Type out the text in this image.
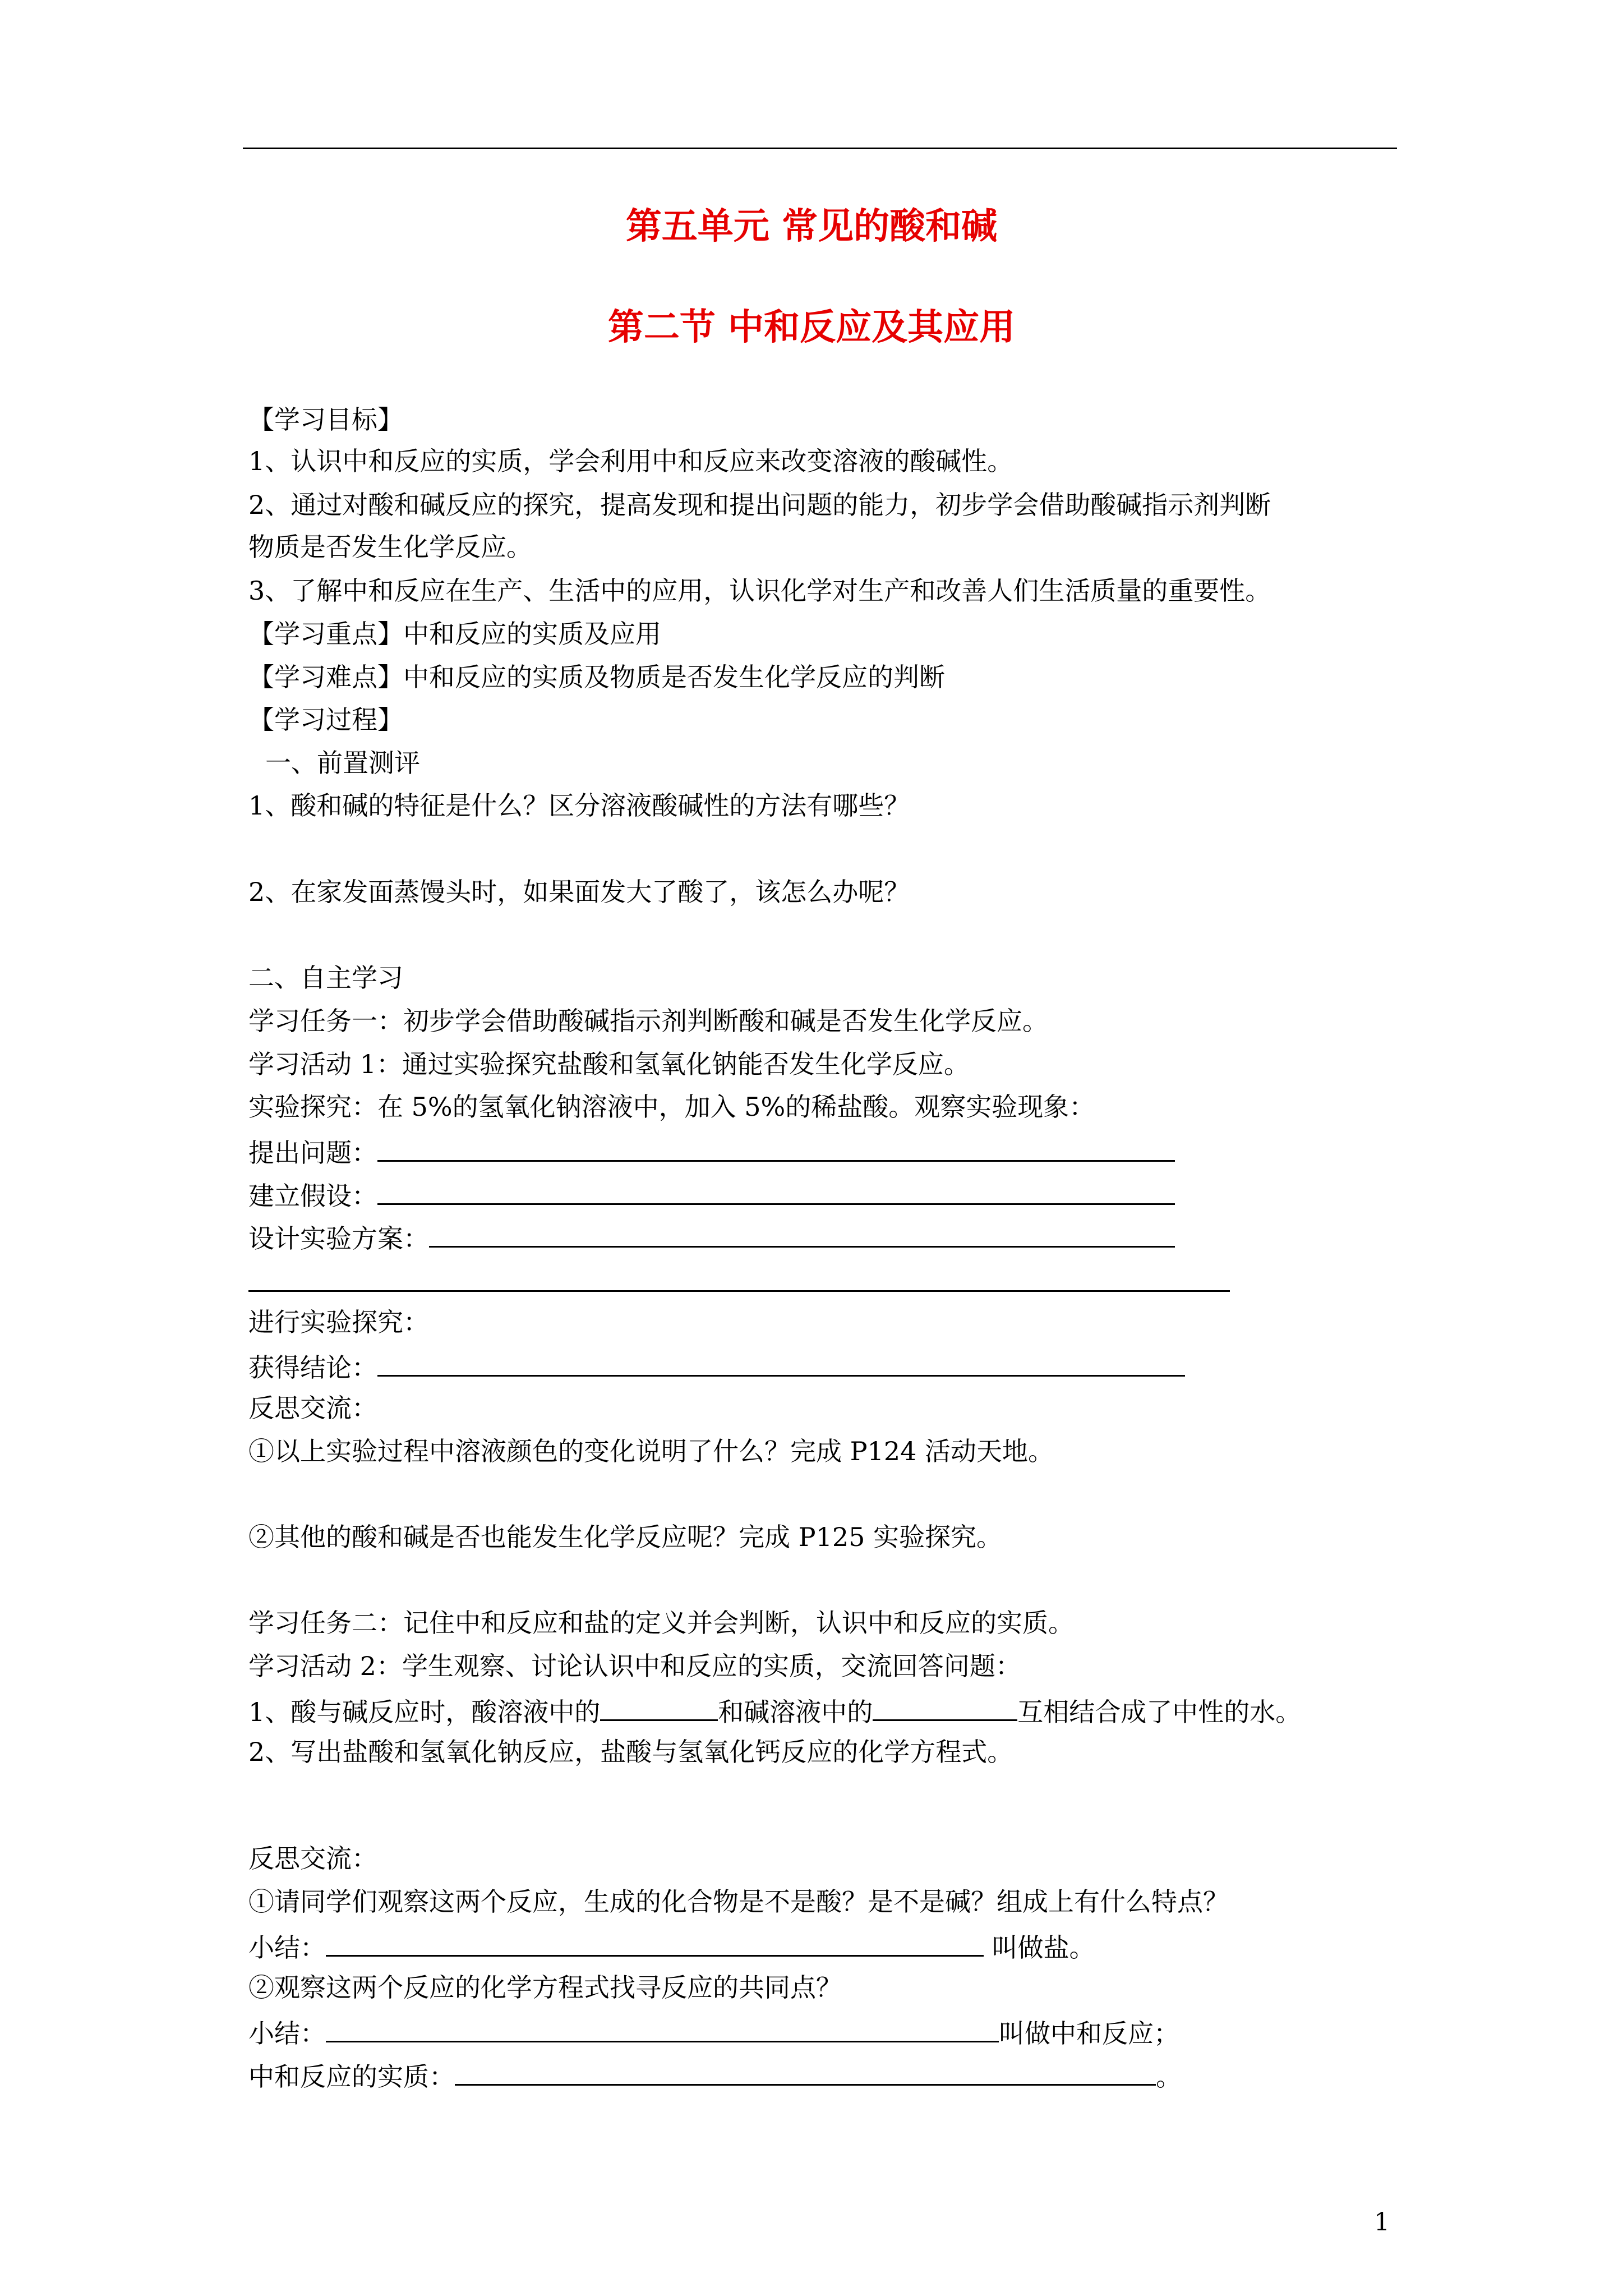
第五单元 常见的酸和碱
第二节 中和反应及其应用
【学习目标】
1、认识中和反应的实质，学会利用中和反应来改变溶液的酸碱性。
2、通过对酸和碱反应的探究，提高发现和提出问题的能力，初步学会借助酸碱指示剂判断
物质是否发生化学反应。
3、了解中和反应在生产、生活中的应用，认识化学对生产和改善人们生活质量的重要性。
【学习重点】中和反应的实质及应用
【学习难点】中和反应的实质及物质是否发生化学反应的判断
【学习过程】
一、前置测评
1、酸和碱的特征是什么？区分溶液酸碱性的方法有哪些？
2、在家发面蒸馒头时，如果面发大了酸了，该怎么办呢？
二、自主学习
学习任务一：初步学会借助酸碱指示剂判断酸和碱是否发生化学反应。
学习活动 1：通过实验探究盐酸和氢氧化钠能否发生化学反应。
实验探究：在 5%的氢氧化钠溶液中，加入 5%的稀盐酸。观察实验现象：
提出问题：
建立假设：
设计实验方案：
进行实验探究：
获得结论：
反思交流：
①以上实验过程中溶液颜色的变化说明了什么？完成 P124 活动天地。
②其他的酸和碱是否也能发生化学反应呢？完成 P125 实验探究。
学习任务二：记住中和反应和盐的定义并会判断，认识中和反应的实质。
学习活动 2：学生观察、讨论认识中和反应的实质，交流回答问题：
1、酸与碱反应时，酸溶液中的	和碱溶液中的	互相结合成了中性的水。
2、写出盐酸和氢氧化钠反应，盐酸与氢氧化钙反应的化学方程式。
反思交流：
①请同学们观察这两个反应，生成的化合物是不是酸？是不是碱？组成上有什么特点？
小结：	叫做盐。
②观察这两个反应的化学方程式找寻反应的共同点？
小结：	叫做中和反应；
中和反应的实质：	。
1
